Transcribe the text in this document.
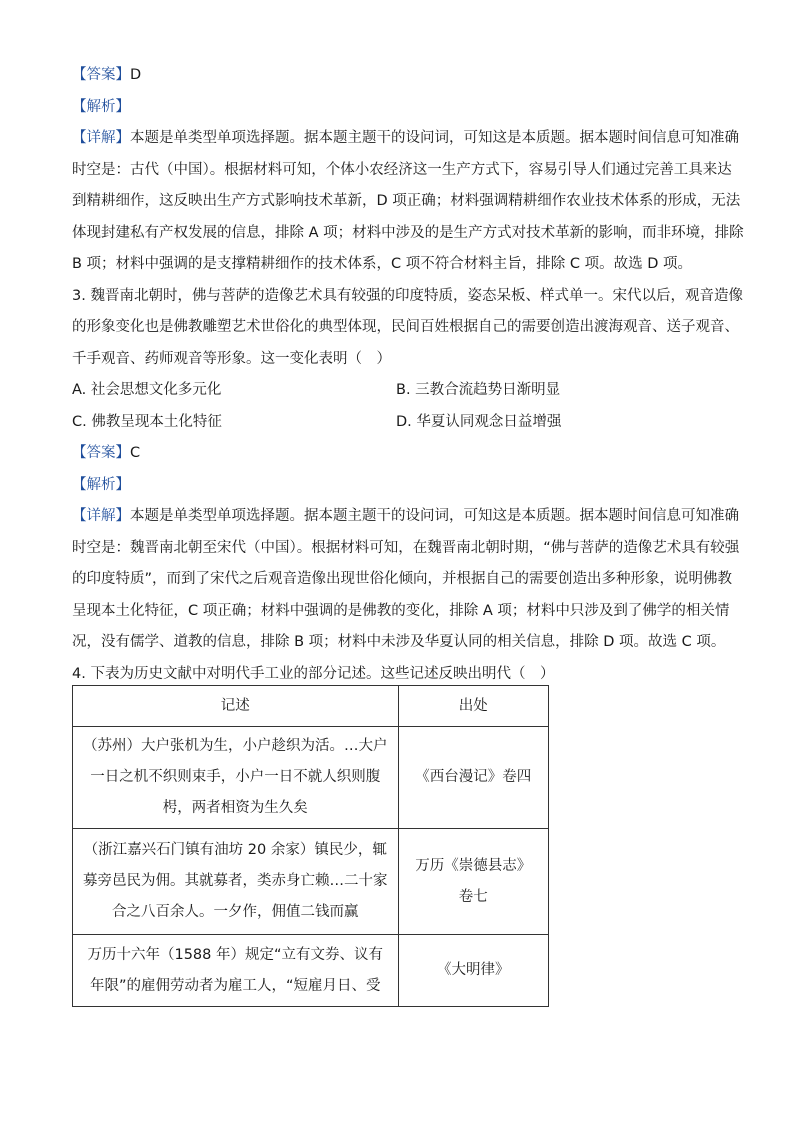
【答案】D
【解析】
【详解】本题是单类型单项选择题。据本题主题干的设问词，可知这是本质题。据本题时间信息可知准确
时空是：古代（中国）。根据材料可知，个体小农经济这一生产方式下，容易引导人们通过完善工具来达
到精耕细作，这反映出生产方式影响技术革新，D 项正确；材料强调精耕细作农业技术体系的形成，无法
体现封建私有产权发展的信息，排除 A 项；材料中涉及的是生产方式对技术革新的影响，而非环境，排除
B 项；材料中强调的是支撑精耕细作的技术体系，C 项不符合材料主旨，排除 C 项。故选 D 项。
3. 魏晋南北朝时，佛与菩萨的造像艺术具有较强的印度特质，姿态呆板、样式单一。宋代以后，观音造像
的形象变化也是佛教雕塑艺术世俗化的典型体现，民间百姓根据自己的需要创造出渡海观音、送子观音、
千手观音、药师观音等形象。这一变化表明（　）
A. 社会思想文化多元化	B. 三教合流趋势日渐明显
C. 佛教呈现本土化特征	D. 华夏认同观念日益增强
【答案】C
【解析】
【详解】本题是单类型单项选择题。据本题主题干的设问词，可知这是本质题。据本题时间信息可知准确
时空是：魏晋南北朝至宋代（中国）。根据材料可知，在魏晋南北朝时期，“佛与菩萨的造像艺术具有较强
的印度特质”，而到了宋代之后观音造像出现世俗化倾向，并根据自己的需要创造出多种形象，说明佛教
呈现本土化特征，C 项正确；材料中强调的是佛教的变化，排除 A 项；材料中只涉及到了佛学的相关情
况，没有儒学、道教的信息，排除 B 项；材料中未涉及华夏认同的相关信息，排除 D 项。故选 C 项。
4. 下表为历史文献中对明代手工业的部分记述。这些记述反映出明代（　）
记述	出处

（苏州）大户张机为生，小户趁织为活。…大户
一日之机不织则束手，小户一日不就人织则腹
枵，两者相资为生久矣	《西台漫记》卷四

（浙江嘉兴石门镇有油坊 20 余家）镇民少，辄
募旁邑民为佣。其就募者，类赤身亡赖…二十家
合之八百余人。一夕作，佣值二钱而赢	万历《崇德县志》卷七

万历十六年（1588 年）规定“立有文券、议有
年限”的雇佣劳动者为雇工人，“短雇月日、受	《大明律》
